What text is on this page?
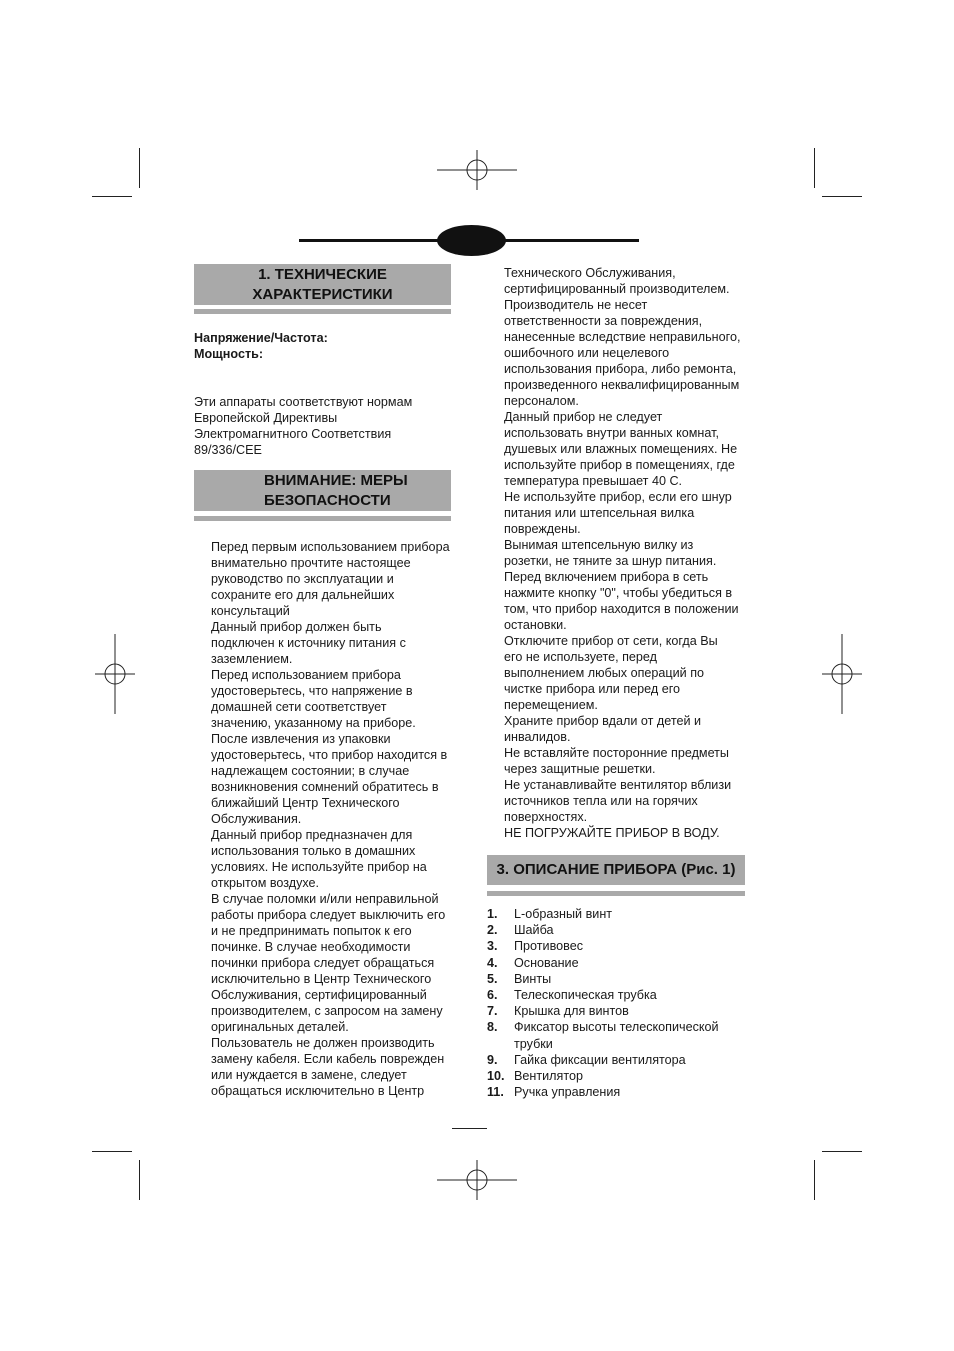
1. ТЕХНИЧЕСКИЕ
ХАРАКТЕРИСТИКИ
Напряжение/Частота:
Мощность:
Эти аппараты соответствуют нормам
Европейской Директивы
Электромагнитного Соответствия
89/336/CEE
ВНИМАНИЕ: МЕРЫ
БЕЗОПАСНОСТИ
Перед первым использованием прибора
внимательно прочтите настоящее
руководство по эксплуатации и
сохраните его для дальнейших
консультаций
Данный прибор должен быть
подключен к источнику питания с
заземлением.
Перед использованием прибора
удостоверьтесь, что напряжение в
домашней сети соответствует
значению, указанному на приборе.
После извлечения из упаковки
удостоверьтесь, что прибор находится в
надлежащем состоянии; в случае
возникновения сомнений обратитесь в
ближайший Центр Технического
Обслуживания.
Данный прибор предназначен для
использования только в домашних
условиях. Не используйте прибор на
открытом воздухе.
В случае поломки и/или неправильной
работы прибора следует выключить его
и не предпринимать попыток к его
починке. В случае необходимости
починки прибора следует обращаться
исключительно в Центр Технического
Обслуживания, сертифицированный
производителем, с запросом на замену
оригинальных деталей.
Пользователь не должен производить
замену кабеля. Если кабель поврежден
или нуждается в замене, следует
обращаться исключительно в Центр
Технического Обслуживания,
сертифицированный производителем.
Производитель не несет
ответственности за повреждения,
нанесенные вследствие неправильного,
ошибочного или нецелевого
использования прибора, либо ремонта,
произведенного неквалифицированным
персоналом.
Данный прибор не следует
использовать внутри ванных комнат,
душевых или влажных помещениях. Не
используйте прибор в помещениях, где
температура превышает 40 С.
Не используйте прибор, если его шнур
питания или штепсельная вилка
повреждены.
Вынимая штепсельную вилку из
розетки, не тяните за шнур питания.
Перед включением прибора в сеть
нажмите кнопку "0", чтобы убедиться в
том, что прибор находится в положении
остановки.
Отключите прибор от сети, когда Вы
его не используете, перед
выполнением любых операций по
чистке прибора или перед его
перемещением.
Храните прибор вдали от детей и
инвалидов.
Не вставляйте посторонние предметы
через защитные решетки.
Не устанавливайте вентилятор вблизи
источников тепла или на горячих
поверхностях.
НЕ ПОГРУЖАЙТЕ ПРИБОР В ВОДУ.
3. ОПИСАНИЕ ПРИБОРА (Рис. 1)
1.	L-образный винт
2.	Шайба
3.	Противовес
4.	Основание
5.	Винты
6.	Телескопическая трубка
7.	Крышка для винтов
8.	Фиксатор высоты телескопической трубки
9.	Гайка фиксации вентилятора
10. Вентилятор
11. Ручка управления
